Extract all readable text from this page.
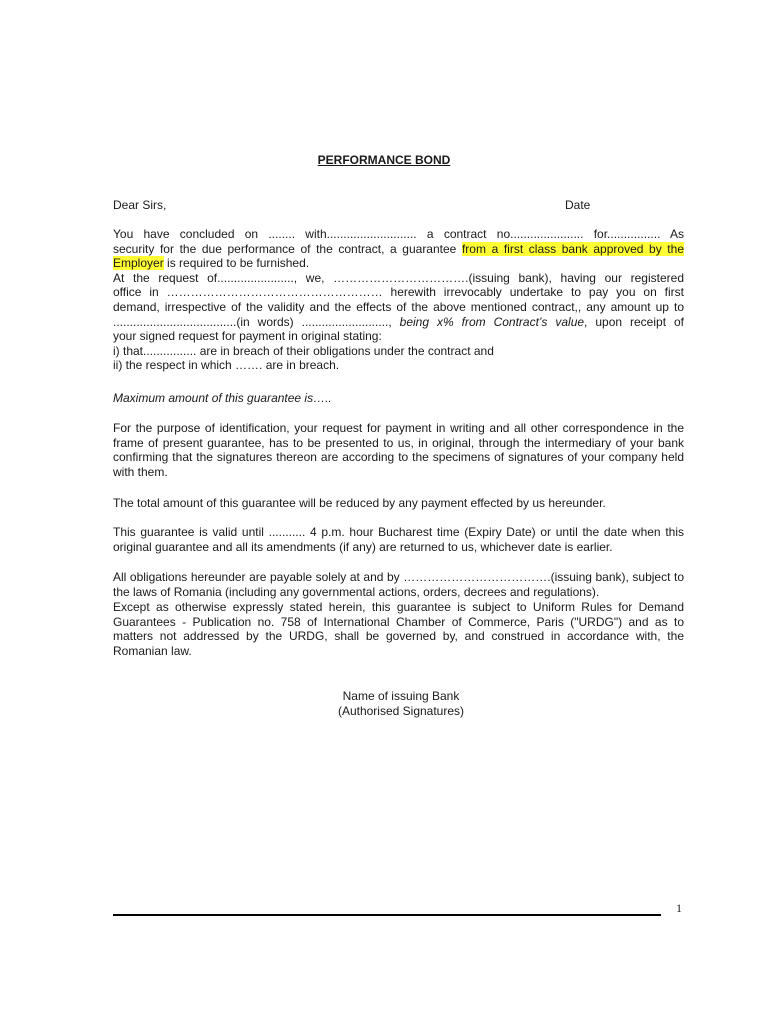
PERFORMANCE BOND

Dear Sirs,	Date

You have concluded on ........ with........................... a contract no...................... for................ As
security for the due performance of the contract, a guarantee from a first class bank approved by the
Employer is required to be furnished.
At the request of......................., we, …………………………….(issuing bank), having our registered
office in ……………………………………………… herewith irrevocably undertake to pay you on first
demand, irrespective of the validity and the effects of the above mentioned contract,, any amount up to
.....................................(in words) .........................., being x% from Contract’s value, upon receipt of
your signed request for payment in original stating:
i) that................ are in breach of their obligations under the contract and
ii) the respect in which ……. are in breach.

Maximum amount of this guarantee is…..

For the purpose of identification, your request for payment in writing and all other correspondence in the frame of present guarantee, has to be presented to us, in original, through the intermediary of your bank confirming that the signatures thereon are according to the specimens of signatures of your company held with them.

The total amount of this guarantee will be reduced by any payment effected by us hereunder.

This guarantee is valid until ........... 4 p.m. hour Bucharest time (Expiry Date) or until the date when this original guarantee and all its amendments (if any) are returned to us, whichever date is earlier.

All obligations hereunder are payable solely at and by ……………………………….(issuing bank), subject to the laws of Romania (including any governmental actions, orders, decrees and regulations).

Except as otherwise expressly stated herein, this guarantee is subject to Uniform Rules for Demand Guarantees - Publication no. 758 of International Chamber of Commerce, Paris ("URDG") and as to matters not addressed by the URDG, shall be governed by, and construed in accordance with, the Romanian law.

Name of issuing Bank

(Authorised Signatures)

1
